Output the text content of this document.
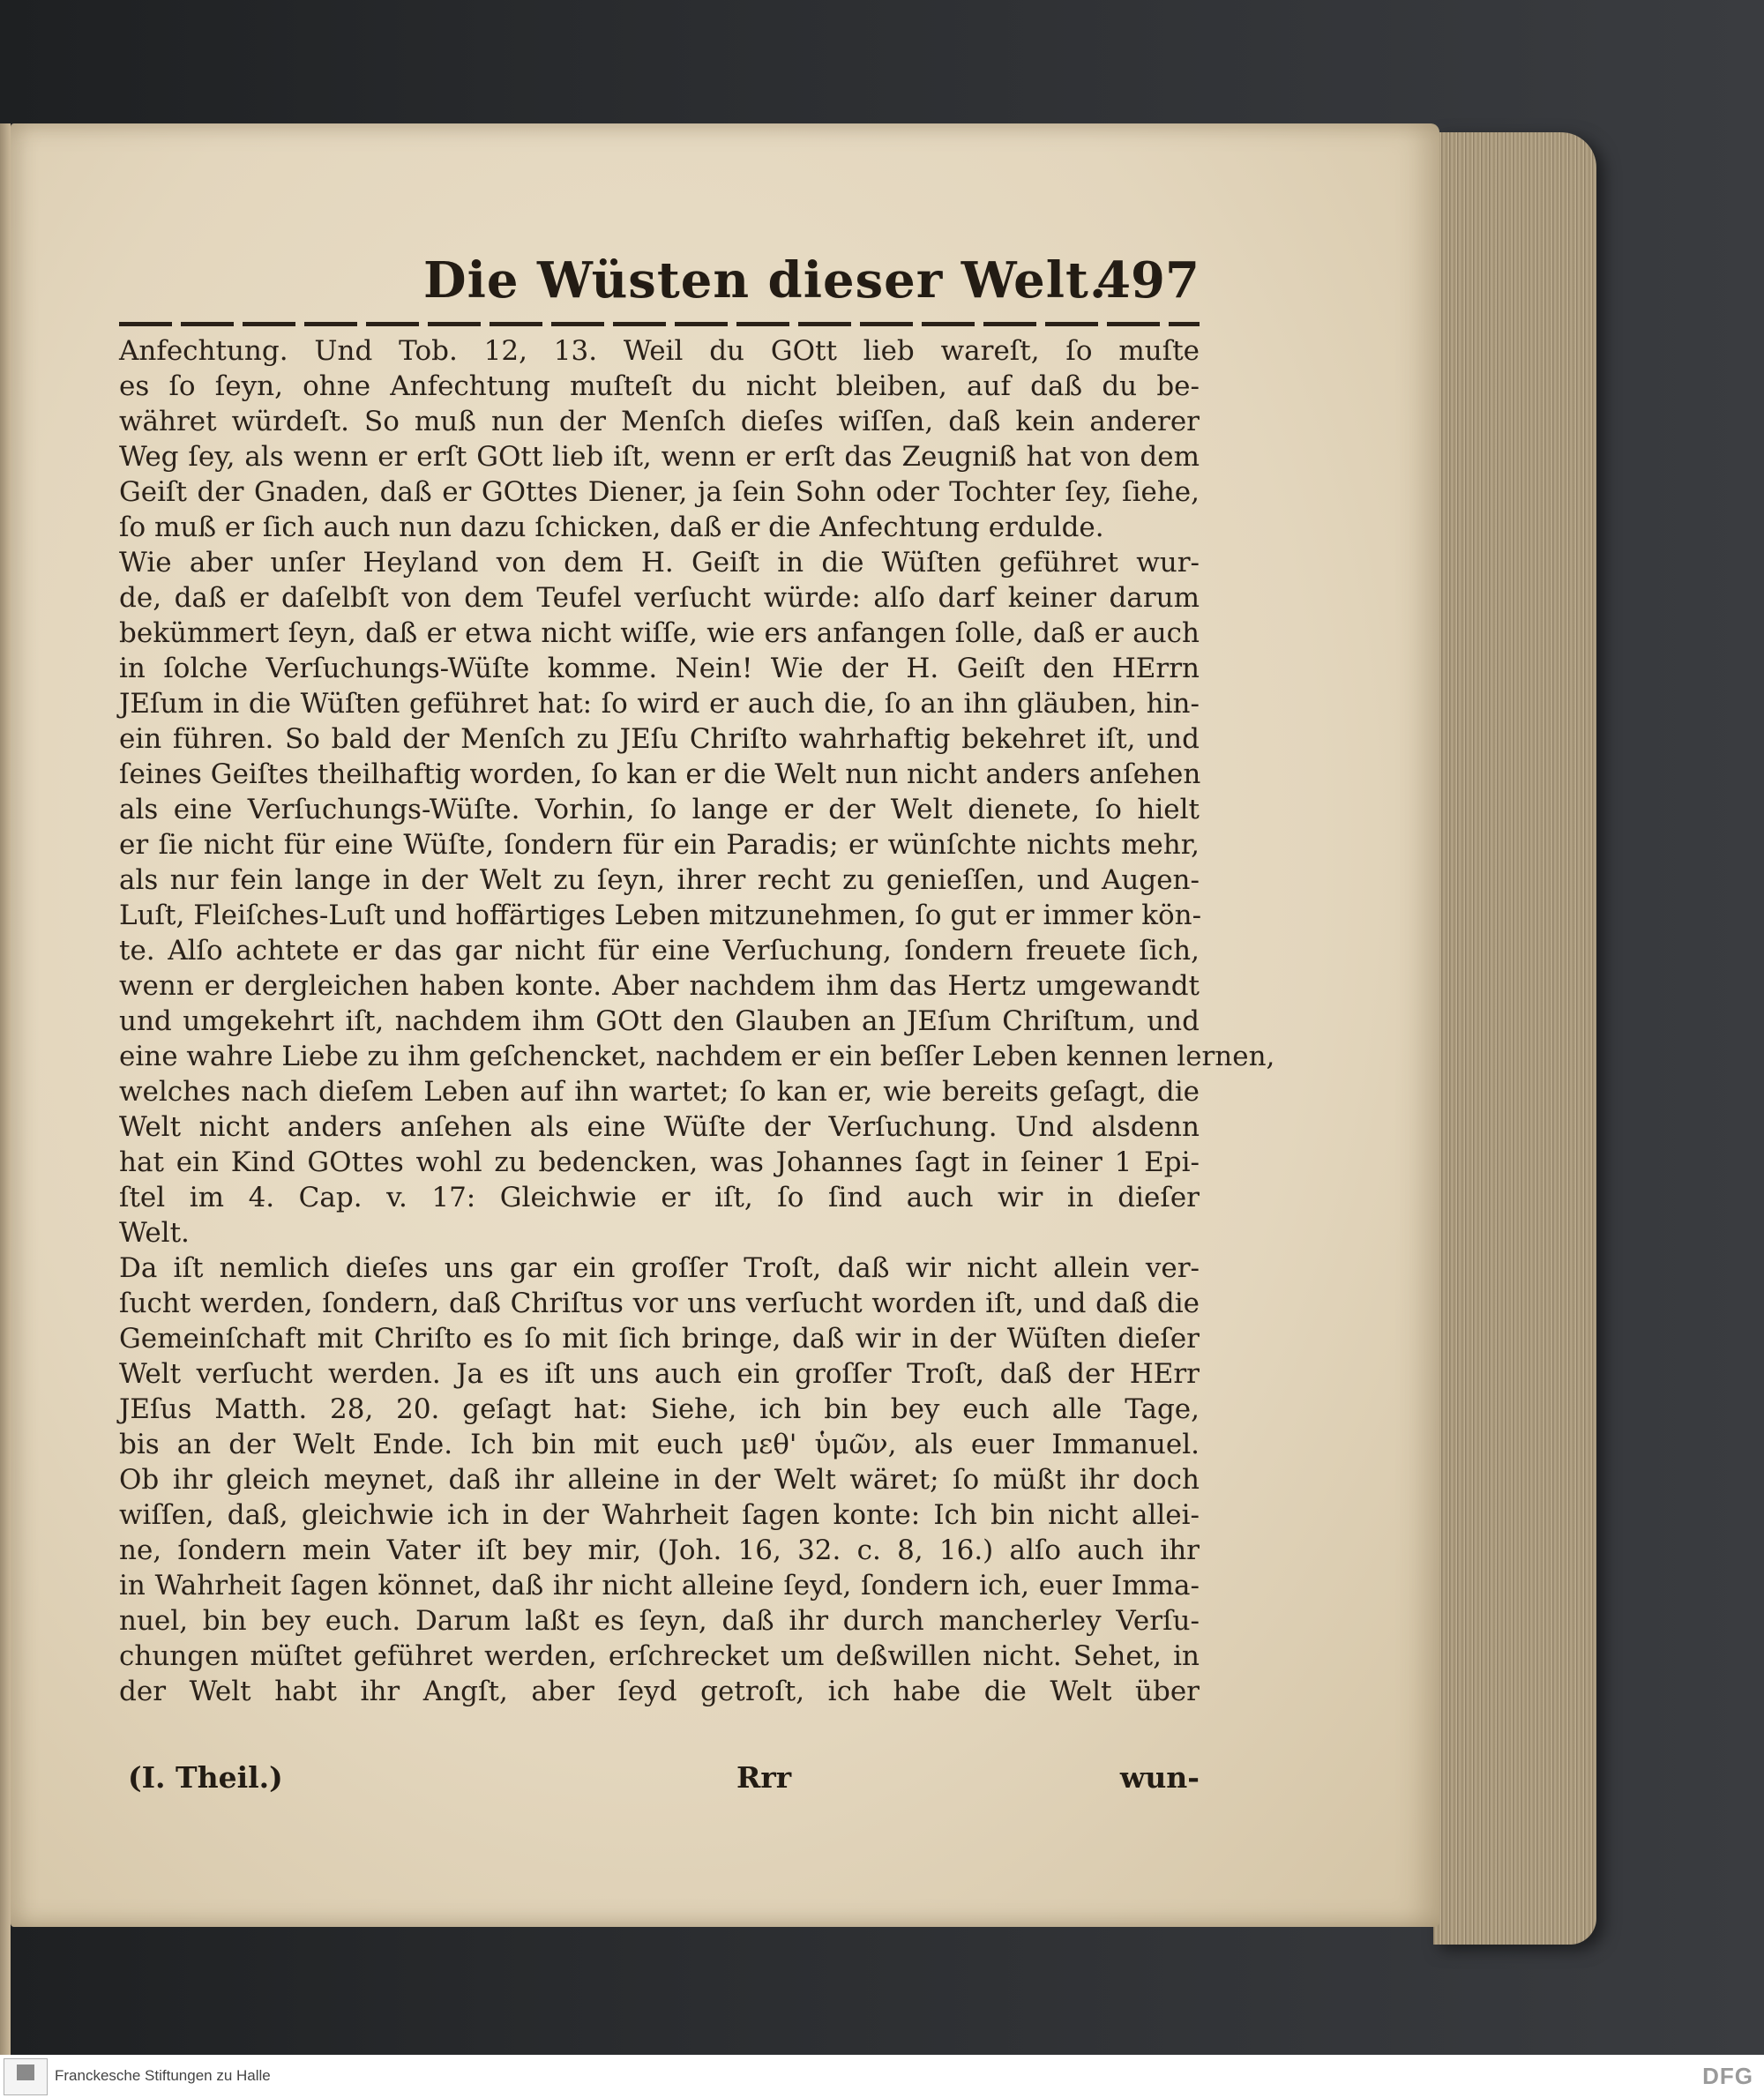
Die Wüsten dieser Welt.
497
Anfechtung. Und Tob. 12, 13. Weil du GOtt lieb wareſt, ſo muſte
es ſo ſeyn, ohne Anfechtung muſteſt du nicht bleiben, auf daß du be-
währet würdeſt. So muß nun der Menſch dieſes wiſſen, daß kein anderer
Weg ſey, als wenn er erſt GOtt lieb iſt, wenn er erſt das Zeugniß hat von dem
Geiſt der Gnaden, daß er GOttes Diener, ja ſein Sohn oder Tochter ſey, ſiehe,
ſo muß er ſich auch nun dazu ſchicken, daß er die Anfechtung erdulde.
Wie aber unſer Heyland von dem H. Geiſt in die Wüſten geführet wur-
de, daß er daſelbſt von dem Teufel verſucht würde: alſo darf keiner darum
bekümmert ſeyn, daß er etwa nicht wiſſe, wie ers anfangen ſolle, daß er auch
in ſolche Verſuchungs-Wüſte komme. Nein! Wie der H. Geiſt den HErrn
JEſum in die Wüſten geführet hat: ſo wird er auch die, ſo an ihn gläuben, hin-
ein führen. So bald der Menſch zu JEſu Chriſto wahrhaftig bekehret iſt, und
ſeines Geiſtes theilhaftig worden, ſo kan er die Welt nun nicht anders anſehen
als eine Verſuchungs-Wüſte. Vorhin, ſo lange er der Welt dienete, ſo hielt
er ſie nicht für eine Wüſte, ſondern für ein Paradis; er wünſchte nichts mehr,
als nur fein lange in der Welt zu ſeyn, ihrer recht zu genieſſen, und Augen-
Luſt, Fleiſches-Luſt und hoffärtiges Leben mitzunehmen, ſo gut er immer kön-
te. Alſo achtete er das gar nicht für eine Verſuchung, ſondern freuete ſich,
wenn er dergleichen haben konte. Aber nachdem ihm das Hertz umgewandt
und umgekehrt iſt, nachdem ihm GOtt den Glauben an JEſum Chriſtum, und
eine wahre Liebe zu ihm geſchencket, nachdem er ein beſſer Leben kennen lernen,
welches nach dieſem Leben auf ihn wartet; ſo kan er, wie bereits geſagt, die
Welt nicht anders anſehen als eine Wüſte der Verſuchung. Und alsdenn
hat ein Kind GOttes wohl zu bedencken, was Johannes ſagt in ſeiner 1 Epi-
ſtel im 4. Cap. v. 17: Gleichwie er iſt, ſo ſind auch wir in dieſer
Welt.
Da iſt nemlich dieſes uns gar ein groſſer Troſt, daß wir nicht allein ver-
ſucht werden, ſondern, daß Chriſtus vor uns verſucht worden iſt, und daß die
Gemeinſchaft mit Chriſto es ſo mit ſich bringe, daß wir in der Wüſten dieſer
Welt verſucht werden. Ja es iſt uns auch ein groſſer Troſt, daß der HErr
JEſus Matth. 28, 20. geſagt hat: Siehe, ich bin bey euch alle Tage,
bis an der Welt Ende. Ich bin mit euch μεθ' ὑμῶν, als euer Immanuel.
Ob ihr gleich meynet, daß ihr alleine in der Welt wäret; ſo müßt ihr doch
wiſſen, daß, gleichwie ich in der Wahrheit ſagen konte: Ich bin nicht allei-
ne, ſondern mein Vater iſt bey mir, (Joh. 16, 32. c. 8, 16.) alſo auch ihr
in Wahrheit ſagen könnet, daß ihr nicht alleine ſeyd, ſondern ich, euer Imma-
nuel, bin bey euch. Darum laßt es ſeyn, daß ihr durch mancherley Verſu-
chungen müſtet geführet werden, erſchrecket um deßwillen nicht. Sehet, in
der Welt habt ihr Angſt, aber ſeyd getroſt, ich habe die Welt über
(I. Theil.)	Rrr	wun-
Franckesche Stiftungen zu Halle	DFG
